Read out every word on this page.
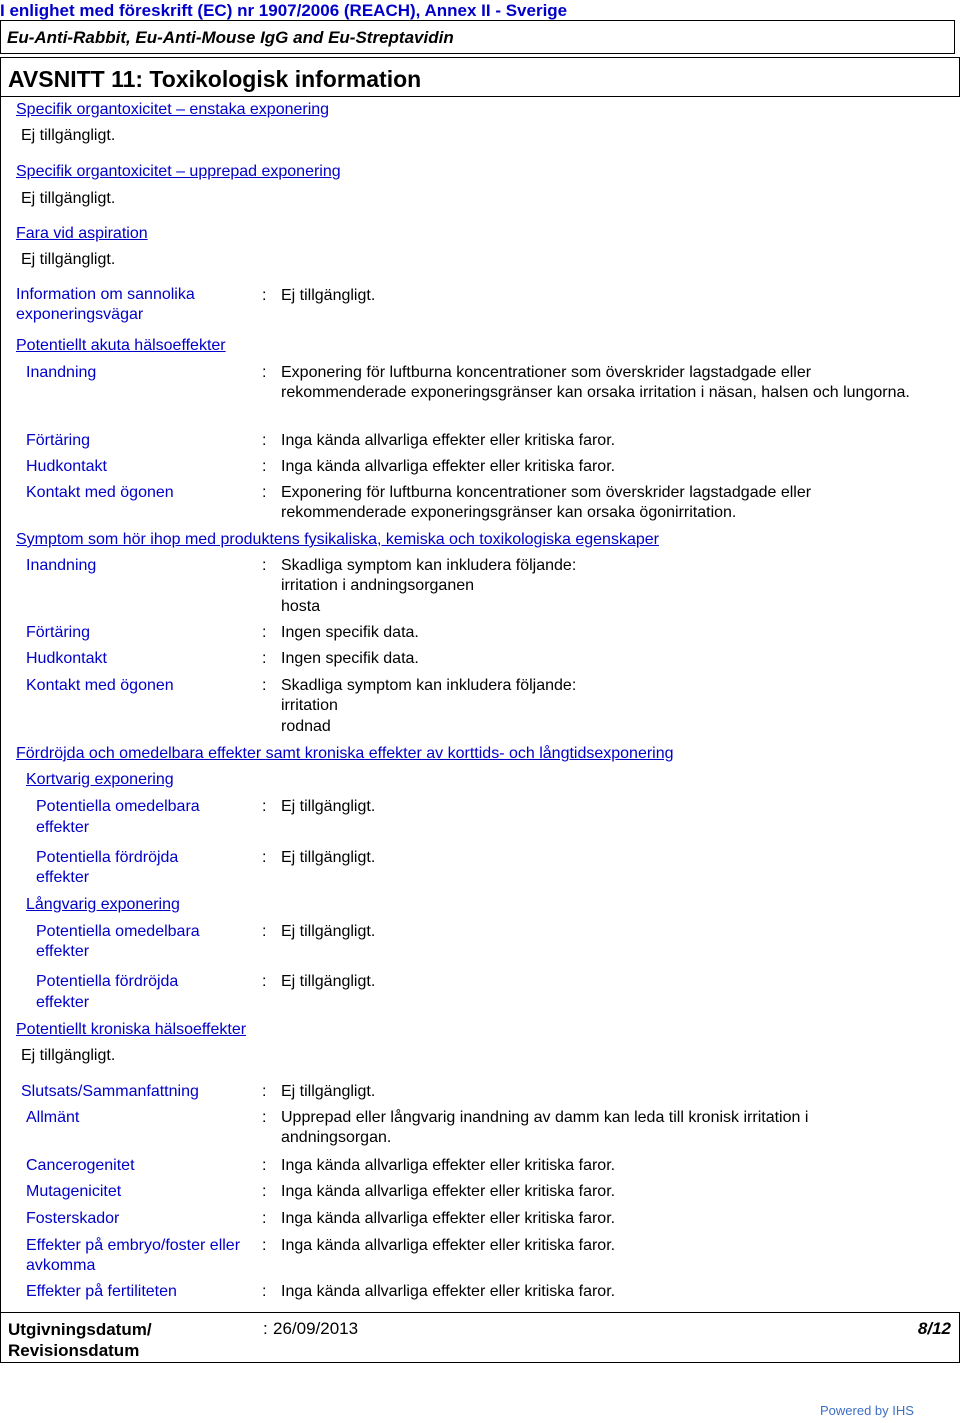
I enlighet med föreskrift (EC) nr 1907/2006 (REACH), Annex II - Sverige
Eu-Anti-Rabbit, Eu-Anti-Mouse IgG and Eu-Streptavidin
AVSNITT 11: Toxikologisk information
Specifik organtoxicitet – enstaka exponering
Ej tillgängligt.
Specifik organtoxicitet – upprepad exponering
Ej tillgängligt.
Fara vid aspiration
Ej tillgängligt.
Information om sannolika
exponeringsvägar
: Ej tillgängligt.
Potentiellt akuta hälsoeffekter
Inandning	: Exponering för luftburna koncentrationer som överskrider lagstadgade eller rekommenderade exponeringsgränser kan orsaka irritation i näsan, halsen och lungorna.
Förtäring	: Inga kända allvarliga effekter eller kritiska faror.
Hudkontakt	: Inga kända allvarliga effekter eller kritiska faror.
Kontakt med ögonen	: Exponering för luftburna koncentrationer som överskrider lagstadgade eller rekommenderade exponeringsgränser kan orsaka ögonirritation.
Symptom som hör ihop med produktens fysikaliska, kemiska och toxikologiska egenskaper
Inandning	: Skadliga symptom kan inkludera följande:
irritation i andningsorganen
hosta
Förtäring	: Ingen specifik data.
Hudkontakt	: Ingen specifik data.
Kontakt med ögonen	: Skadliga symptom kan inkludera följande:
irritation
rodnad
Fördröjda och omedelbara effekter samt kroniska effekter av korttids- och långtidsexponering
Kortvarig exponering
Potentiella omedelbara
effekter
: Ej tillgängligt.
Potentiella fördröjda
effekter
: Ej tillgängligt.
Långvarig exponering
Potentiella omedelbara
effekter
: Ej tillgängligt.
Potentiella fördröjda
effekter
: Ej tillgängligt.
Potentiellt kroniska hälsoeffekter
Ej tillgängligt.
Slutsats/Sammanfattning	: Ej tillgängligt.
Allmänt	: Upprepad eller långvarig inandning av damm kan leda till kronisk irritation i andningsorgan.
Cancerogenitet	: Inga kända allvarliga effekter eller kritiska faror.
Mutagenicitet	: Inga kända allvarliga effekter eller kritiska faror.
Fosterskador	: Inga kända allvarliga effekter eller kritiska faror.
Effekter på embryo/foster eller avkomma
: Inga kända allvarliga effekter eller kritiska faror.
Effekter på fertiliteten	: Inga kända allvarliga effekter eller kritiska faror.
Utgivningsdatum/ Revisionsdatum
: 26/09/2013	8/12
Powered by IHS
